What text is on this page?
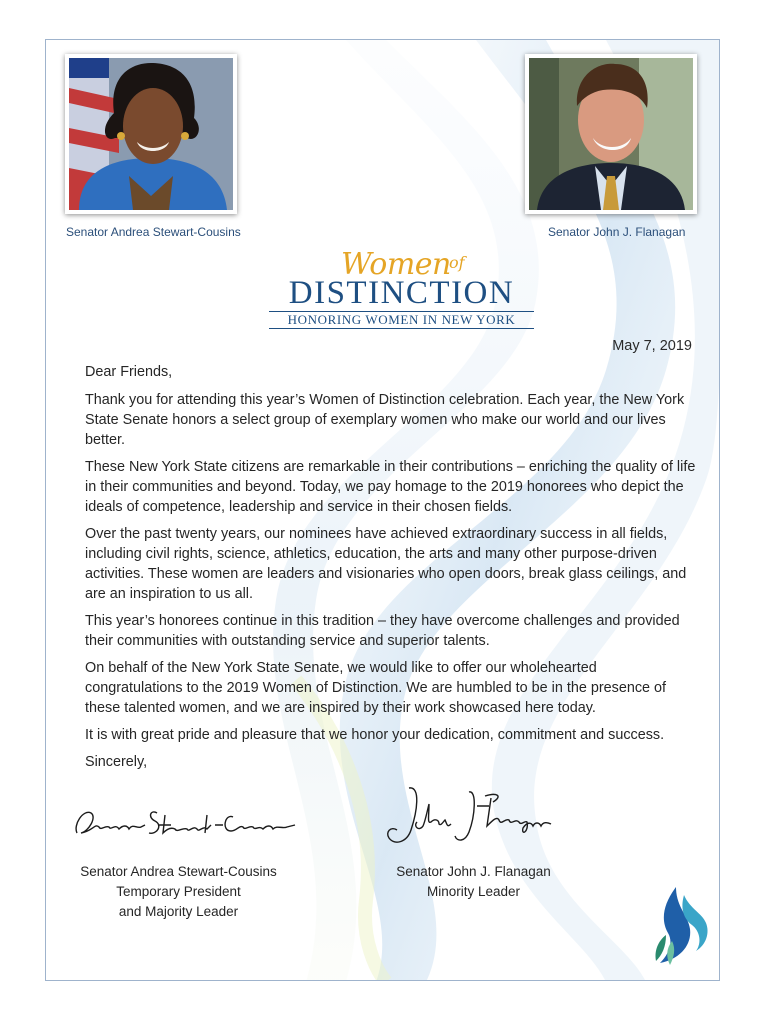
Senator Andrea Stewart-Cousins	Senator John J. Flanagan
Women
of
DISTINCTION
HONORING WOMEN IN NEW YORK
May 7, 2019

Dear Friends,

Thank you for attending this year’s Women of Distinction celebration. Each year, the New York State Senate honors a select group of exemplary women who make our world and our lives better.

These New York State citizens are remarkable in their contributions – enriching the quality of life in their communities and beyond. Today, we pay homage to the 2019 honorees who depict the ideals of competence, leadership and service in their chosen fields.

Over the past twenty years, our nominees have achieved extraordinary success in all fields, including civil rights, science, athletics, education, the arts and many other purpose-driven activities. These women are leaders and visionaries who open doors, break glass ceilings, and are an inspiration to us all.

This year’s honorees continue in this tradition – they have overcome challenges and provided their communities with outstanding service and superior talents.

On behalf of the New York State Senate, we would like to offer our wholehearted congratulations to the 2019 Women of Distinction. We are humbled to be in the presence of these talented women, and we are inspired by their work showcased here today.

It is with great pride and pleasure that we honor your dedication, commitment and success.

Sincerely,

Senator Andrea Stewart-Cousins
Temporary President
and Majority Leader
Senator John J. Flanagan
Minority Leader
